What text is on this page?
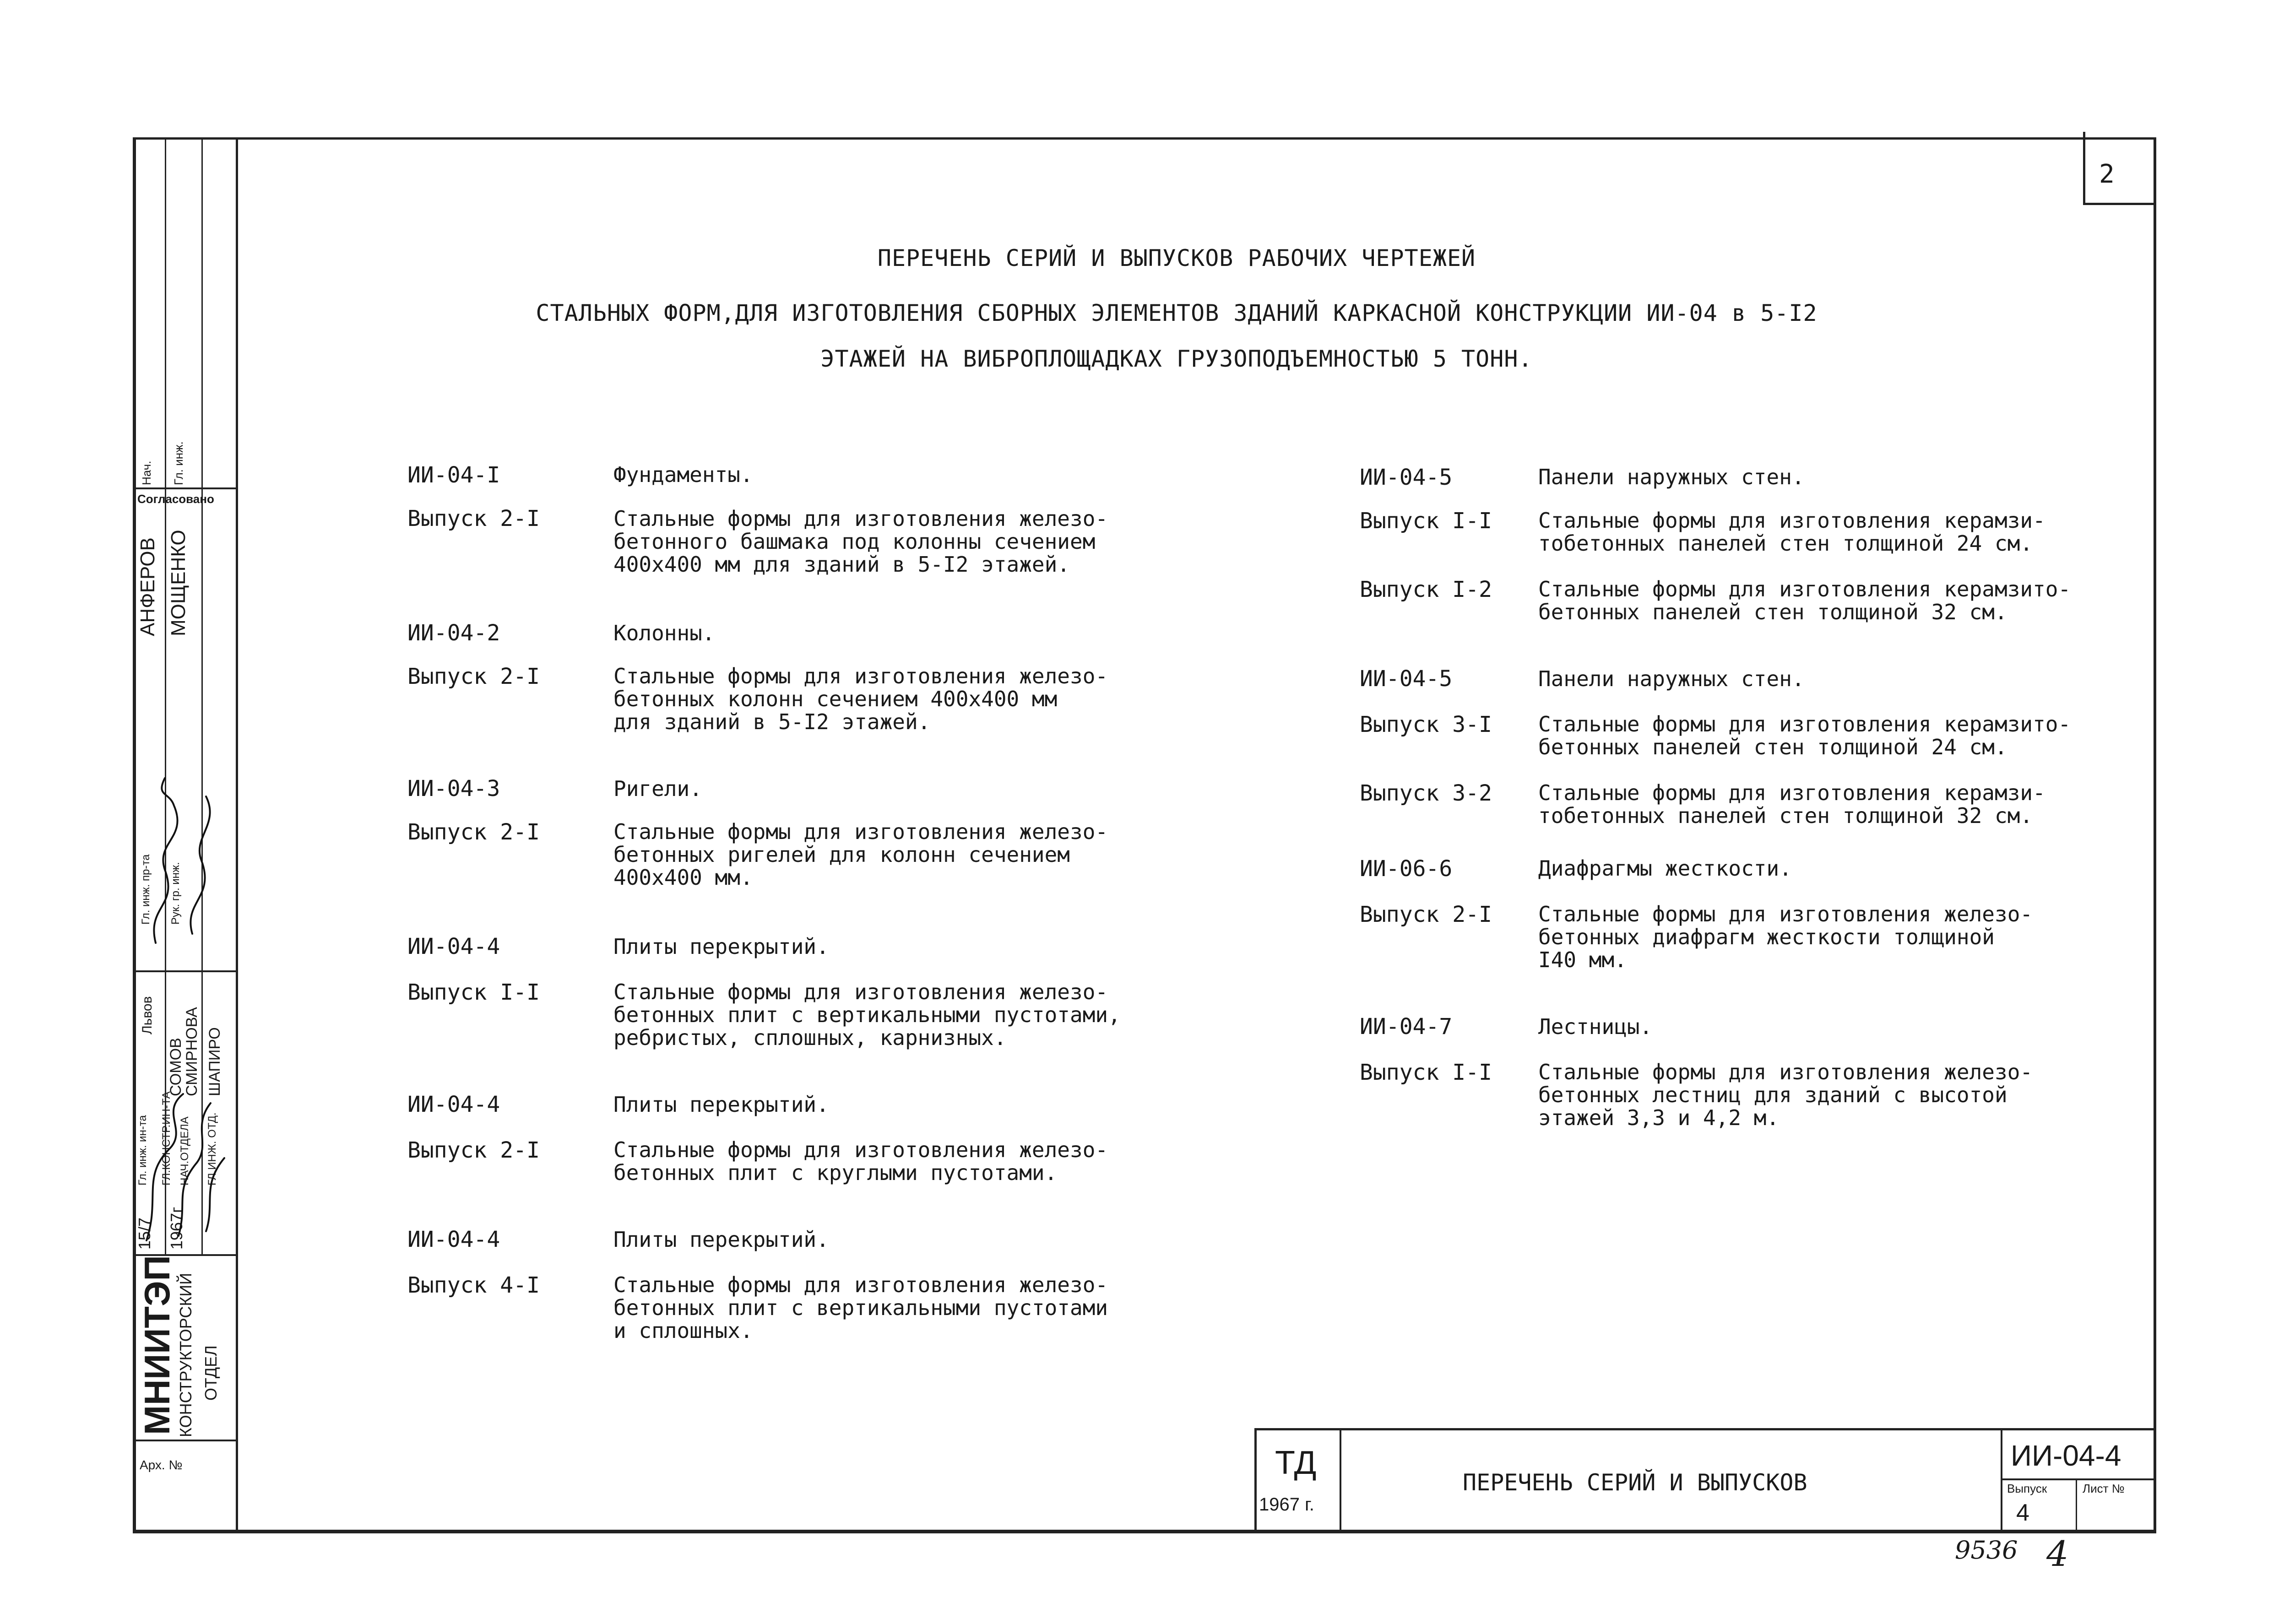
2
ПЕРЕЧЕНЬ СЕРИЙ И ВЫПУСКОВ РАБОЧИХ ЧЕРТЕЖЕЙ
СТАЛЬНЫХ ФОРМ,ДЛЯ ИЗГОТОВЛЕНИЯ СБОРНЫХ ЭЛЕМЕНТОВ ЗДАНИЙ КАРКАСНОЙ КОНСТРУКЦИИ ИИ-04 в 5-I2
ЭТАЖЕЙ НА ВИБРОПЛОЩАДКАХ ГРУЗОПОДЪЕМНОСТЬЮ 5 ТОНН.
ИИ-04-I	Фундаменты.
Выпуск 2-I	Стальные формы для изготовления железо-
бетонного башмака под колонны сечением
400x400 мм для зданий в 5-I2 этажей.
ИИ-04-2	Колонны.
Выпуск 2-I	Стальные формы для изготовления железо-
бетонных колонн сечением 400x400 мм
для зданий в 5-I2 этажей.
ИИ-04-3	Ригели.
Выпуск 2-I	Стальные формы для изготовления железо-
бетонных ригелей для колонн сечением
400x400 мм.
ИИ-04-4	Плиты перекрытий.
Выпуск I-I	Стальные формы для изготовления железо-
бетонных плит с вертикальными пустотами,
ребристых, сплошных, карнизных.
ИИ-04-4	Плиты перекрытий.
Выпуск 2-I	Стальные формы для изготовления железо-
бетонных плит с круглыми пустотами.
ИИ-04-4	Плиты перекрытий.
Выпуск 4-I	Стальные формы для изготовления железо-
бетонных плит с вертикальными пустотами
и сплошных.
ИИ-04-5	Панели наружных стен.
Выпуск I-I Стальные формы для изготовления керамзи-
тобетонных панелей стен толщиной 24 см.
Выпуск I-2 Стальные формы для изготовления керамзито-
бетонных панелей стен толщиной 32 см.
ИИ-04-5	Панели наружных стен.
Выпуск 3-I Стальные формы для изготовления керамзито-
бетонных панелей стен толщиной 24 см.
Выпуск 3-2 Стальные формы для изготовления керамзи-
тобетонных панелей стен толщиной 32 см.
ИИ-06-6	Диафрагмы жесткости.
Выпуск 2-I Стальные формы для изготовления железо-
бетонных диафрагм жесткости толщиной
I40 мм.
ИИ-04-7	Лестницы.
Выпуск I-I Стальные формы для изготовления железо-
бетонных лестниц для зданий с высотой
этажей 3,3 и 4,2 м.
МНИИТЭП
КОНСТРУКТОРСКИЙ ОТДЕЛ
Арх. №
15/7 1967г
Гл. инж. ин-та ГЛ.КОНСТР.ИН-ТА НАЧ.ОТДЕЛА ГЛ.ИНЖ. ОТД.
Нач. Гл. инж.
Согласовано
АНФЕРОВ МОЩЕНКО
Гл. инж. пр-та Рук. гр. инж.
Львов
СОМОВ
СМИРНОВА ШАПИРО
ТД
1967 г.
ПЕРЕЧЕНЬ СЕРИЙ И ВЫПУСКОВ
ИИ-04-4
Выпуск
4
Лист №
9536 4
